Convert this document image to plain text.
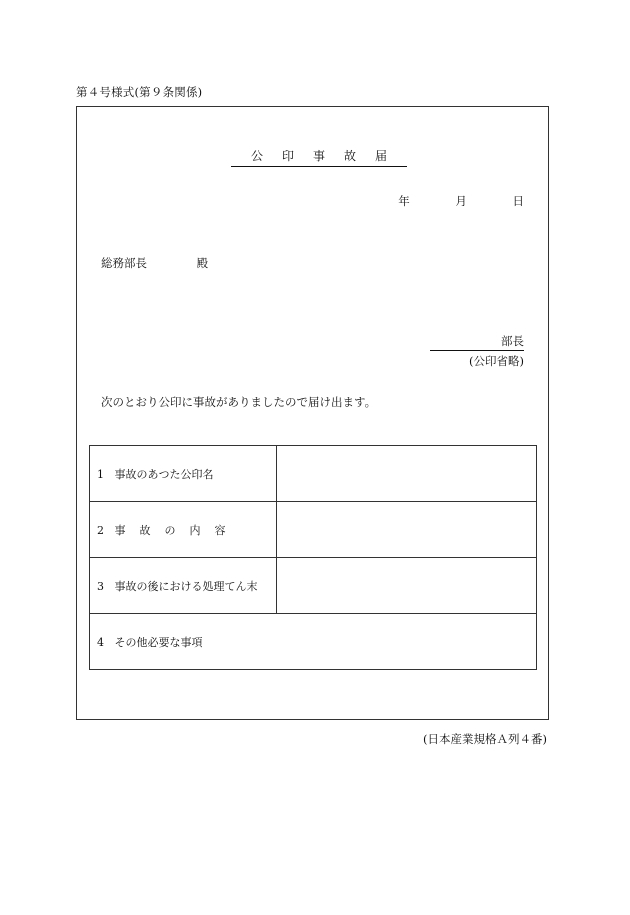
第４号様式(第９条関係)
公印事故届
年	月	日
総務部長	殿
部長
(公印省略)
次のとおり公印に事故がありましたので届け出ます。
1 事故のあつた公印名	
2 事故の内容	
3 事故の後における処理てん末	
4 その他必要な事項	
(日本産業規格Ａ列４番)
